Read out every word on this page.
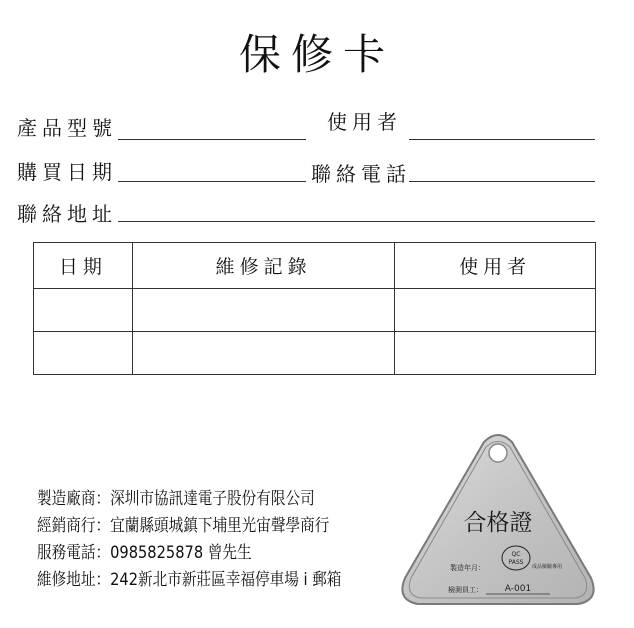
保修卡
產品型號	使用者
購買日期	聯絡電話
聯絡地址
日期	維修記錄	使用者

製造廠商：深圳市協訊達電子股份有限公司
經銷商行：宜蘭縣頭城鎮下埔里光宙聲學商行
服務電話：0985825878 曾先生
維修地址：242新北市新莊區幸福停車場 i 郵箱
合格證
QC
PASS
製造年月：	成品檢驗專用
檢測員工： A-001
